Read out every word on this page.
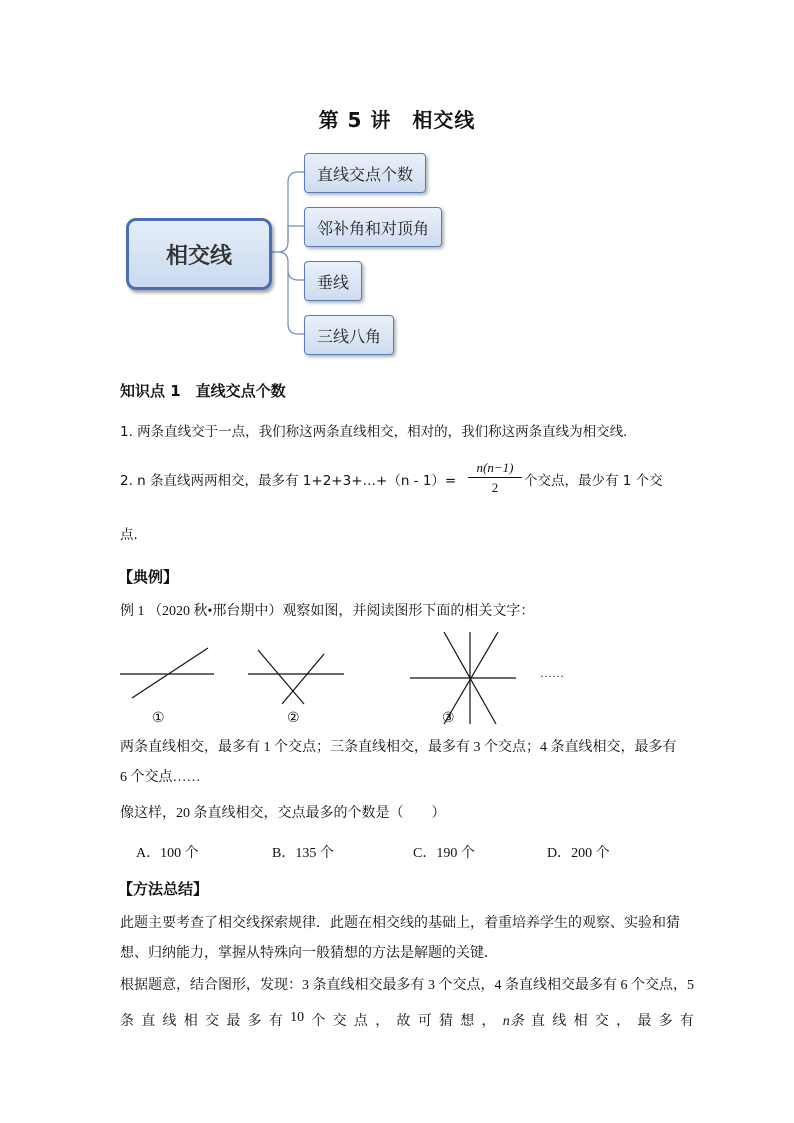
第 5 讲　相交线
相交线
直线交点个数
邻补角和对顶角
垂线
三线八角
知识点 1　直线交点个数
1. 两条直线交于一点，我们称这两条直线相交，相对的，我们称这两条直线为相交线．
2. n 条直线两两相交，最多有 1+2+3+…+（n - $1)= \frac{n(n-1)}{2}$ 个交点，最少有 1 个交
点．
【典例】
例 1 （2020 秋•邢台期中）观察如图，并阅读图形下面的相关文字：
①	②	③
……
两条直线相交，最多有 1 个交点；三条直线相交，最多有 3 个交点；4 条直线相交，最多有
6 个交点……
像这样，20 条直线相交，交点最多的个数是（　　）
A．100 个	B．135 个	C．190 个	D．200 个
【方法总结】
此题主要考查了相交线探索规律．此题在相交线的基础上，着重培养学生的观察、实验和猜
想、归纳能力，掌握从特殊向一般猜想的方法是解题的关键．
根据题意，结合图形，发现：3 条直线相交最多有 3 个交点，4 条直线相交最多有 6 个交点，5
条 直 线 相 交 最 多 有 10 个 交 点 ， 故 可 猜 想 ， n条 直 线 相 交 ， 最 多 有
